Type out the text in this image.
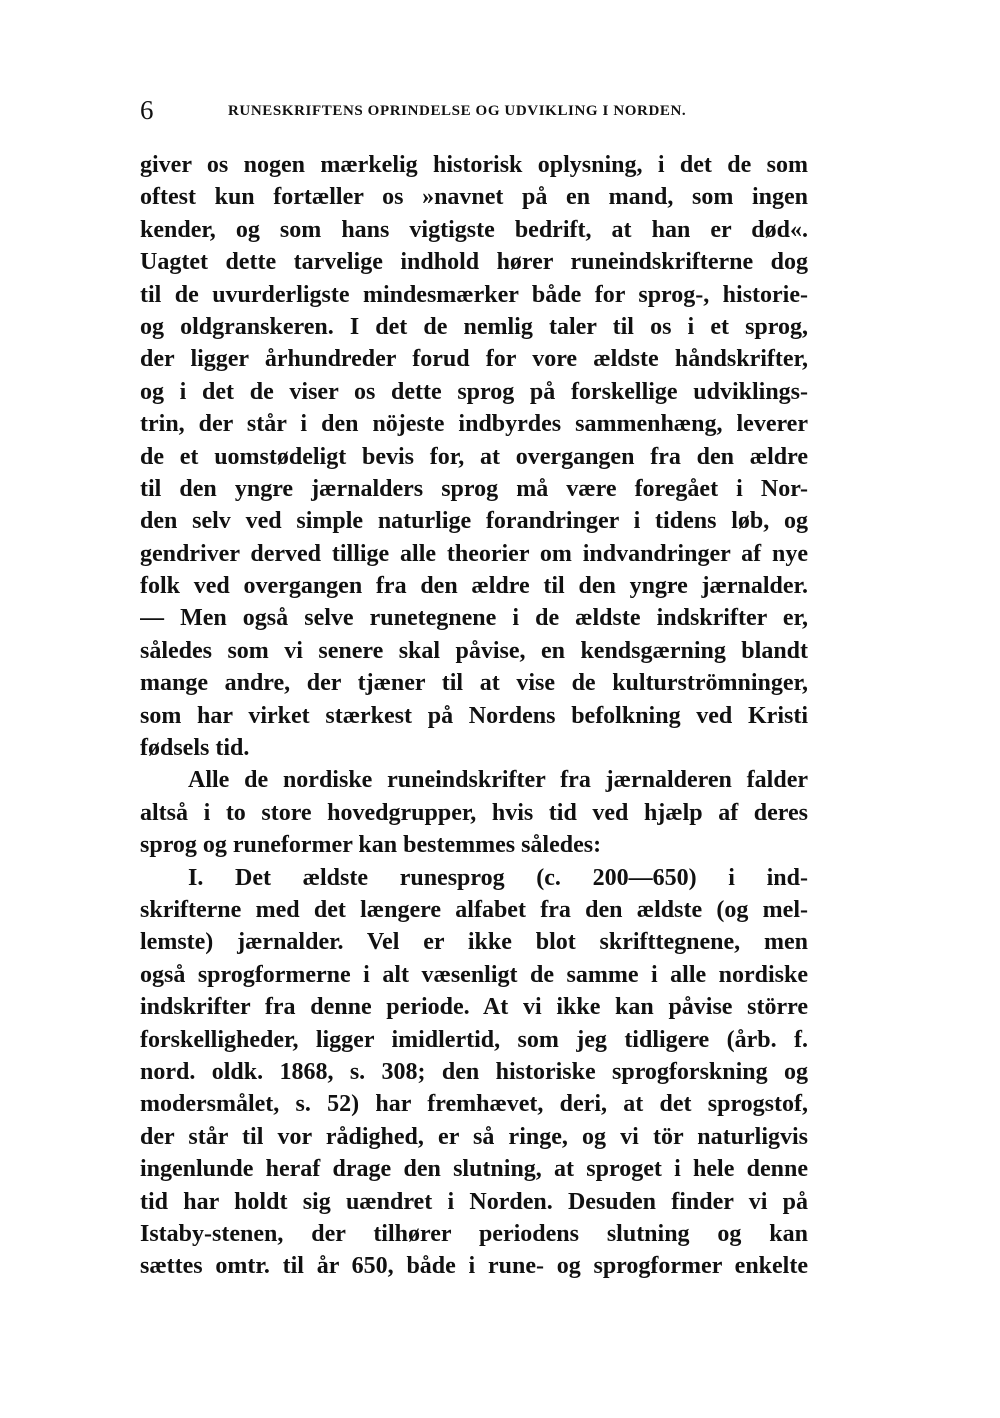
6	RUNESKRIFTENS OPRINDELSE OG UDVIKLING I NORDEN.
giver os nogen mærkelig historisk oplysning, i det de som
oftest kun fortæller os »navnet på en mand, som ingen
kender, og som hans vigtigste bedrift, at han er død«.
Uagtet dette tarvelige indhold hører runeindskrifterne dog
til de uvurderligste mindesmærker både for sprog-, historie-
og oldgranskeren. I det de nemlig taler til os i et sprog,
der ligger århundreder forud for vore ældste håndskrifter,
og i det de viser os dette sprog på forskellige udviklings-
trin, der står i den nöjeste indbyrdes sammenhæng, leverer
de et uomstødeligt bevis for, at overgangen fra den ældre
til den yngre jærnalders sprog må være foregået i Nor-
den selv ved simple naturlige forandringer i tidens løb, og
gendriver derved tillige alle theorier om indvandringer af nye
folk ved overgangen fra den ældre til den yngre jærnalder.
— Men også selve runetegnene i de ældste indskrifter er,
således som vi senere skal påvise, en kendsgærning blandt
mange andre, der tjæner til at vise de kulturströmninger,
som har virket stærkest på Nordens befolkning ved Kristi
fødsels tid.
Alle de nordiske runeindskrifter fra jærnalderen falder
altså i to store hovedgrupper, hvis tid ved hjælp af deres
sprog og runeformer kan bestemmes således:
I. Det ældste runesprog (c. 200—650) i ind-
skrifterne med det længere alfabet fra den ældste (og mel-
lemste) jærnalder. Vel er ikke blot skrifttegnene, men
også sprogformerne i alt væsenligt de samme i alle nordiske
indskrifter fra denne periode. At vi ikke kan påvise större
forskelligheder, ligger imidlertid, som jeg tidligere (årb. f.
nord. oldk. 1868, s. 308; den historiske sprogforskning og
modersmålet, s. 52) har fremhævet, deri, at det sprogstof,
der står til vor rådighed, er så ringe, og vi tör naturligvis
ingenlunde heraf drage den slutning, at sproget i hele denne
tid har holdt sig uændret i Norden. Desuden finder vi på
Istaby-stenen, der tilhører periodens slutning og kan
sættes omtr. til år 650, både i rune- og sprogformer enkelte
